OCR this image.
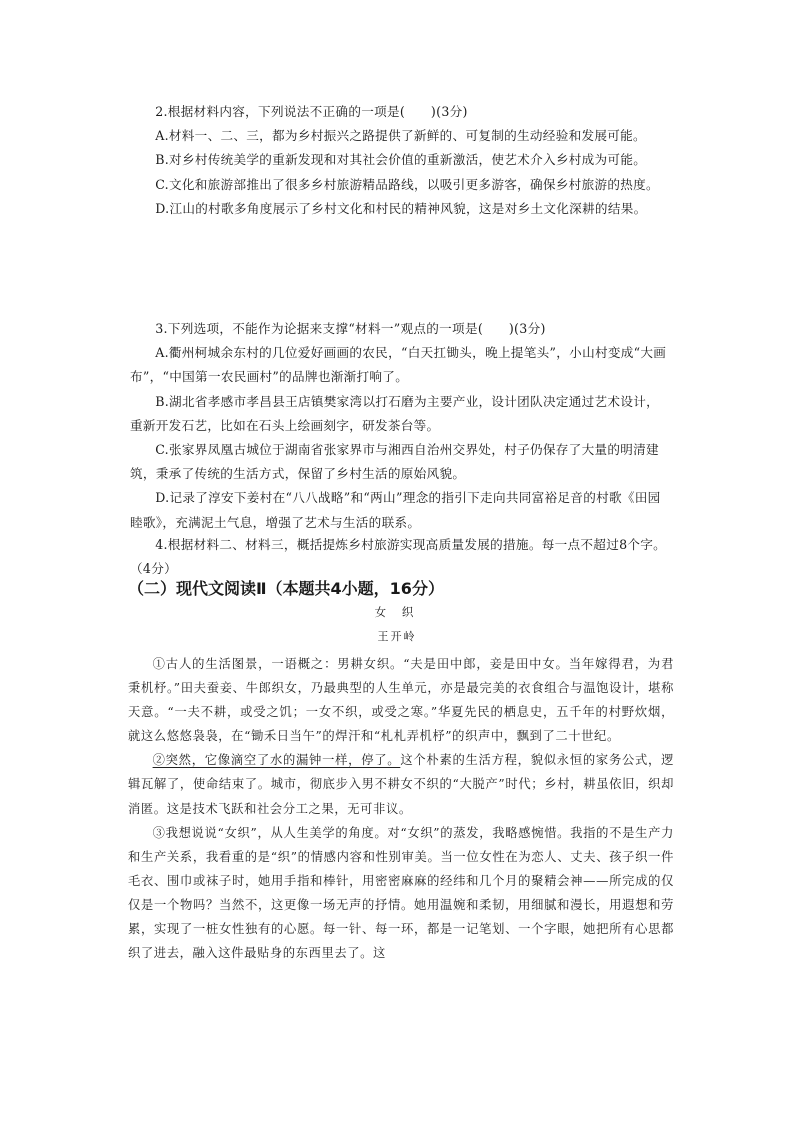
2.根据材料内容，下列说法不正确的一项是(　　)(3分)

A.材料一、二、三，都为乡村振兴之路提供了新鲜的、可复制的生动经验和发展可能。

B.对乡村传统美学的重新发现和对其社会价值的重新激活，使艺术介入乡村成为可能。

C.文化和旅游部推出了很多乡村旅游精品路线，以吸引更多游客，确保乡村旅游的热度。

D.江山的村歌多角度展示了乡村文化和村民的精神风貌，这是对乡土文化深耕的结果。

3.下列选项，不能作为论据来支撑“材料一”观点的一项是(　　)(3分)

A.衢州柯城余东村的几位爱好画画的农民，“白天扛锄头，晚上提笔头”，小山村变成“大画布”，“中国第一农民画村”的品牌也渐渐打响了。

B.湖北省孝感市孝昌县王店镇樊家湾以打石磨为主要产业，设计团队决定通过艺术设计，重新开发石艺，比如在石头上绘画刻字，研发茶台等。

C.张家界凤凰古城位于湖南省张家界市与湘西自治州交界处，村子仍保存了大量的明清建筑，秉承了传统的生活方式，保留了乡村生活的原始风貌。

D.记录了淳安下姜村在“八八战略”和“两山”理念的指引下走向共同富裕足音的村歌《田园睦歌》，充满泥土气息，增强了艺术与生活的联系。

4.根据材料二、材料三，概括提炼乡村旅游实现高质量发展的措施。每一点不超过8个字。（4分）

（二）现代文阅读Ⅱ（本题共4小题，16分）
女 织
王开岭

①古人的生活图景，一语概之：男耕女织。“夫是田中郎，妾是田中女。当年嫁得君，为君秉机杼。”田夫蚕妾、牛郎织女，乃最典型的人生单元，亦是最完美的衣食组合与温饱设计，堪称天意。“一夫不耕，或受之饥；一女不织，或受之寒。”华夏先民的栖息史，五千年的村野炊烟，就这么悠悠袅袅，在“锄禾日当午”的焊汗和“札札弄机杼”的织声中，飘到了二十世纪。

②突然，它像滴空了水的漏钟一样，停了。这个朴素的生活方程，貌似永恒的家务公式，逻辑瓦解了，使命结束了。城市，彻底步入男不耕女不织的“大脱产”时代；乡村，耕虽依旧，织却消匿。这是技术飞跃和社会分工之果，无可非议。

③我想说说“女织”，从人生美学的角度。对“女织”的蒸发，我略感惋惜。我指的不是生产力和生产关系，我看重的是“织”的情感内容和性别审美。当一位女性在为恋人、丈夫、孩子织一件毛衣、围巾或袜子时，她用手指和棒针，用密密麻麻的经纬和几个月的聚精会神——所完成的仅仅是一个物吗？当然不，这更像一场无声的抒情。她用温婉和柔韧，用细腻和漫长，用遐想和劳累，实现了一桩女性独有的心愿。每一针、每一环，都是一记笔划、一个字眼，她把所有心思都织了进去，融入这件最贴身的东西里去了。这
